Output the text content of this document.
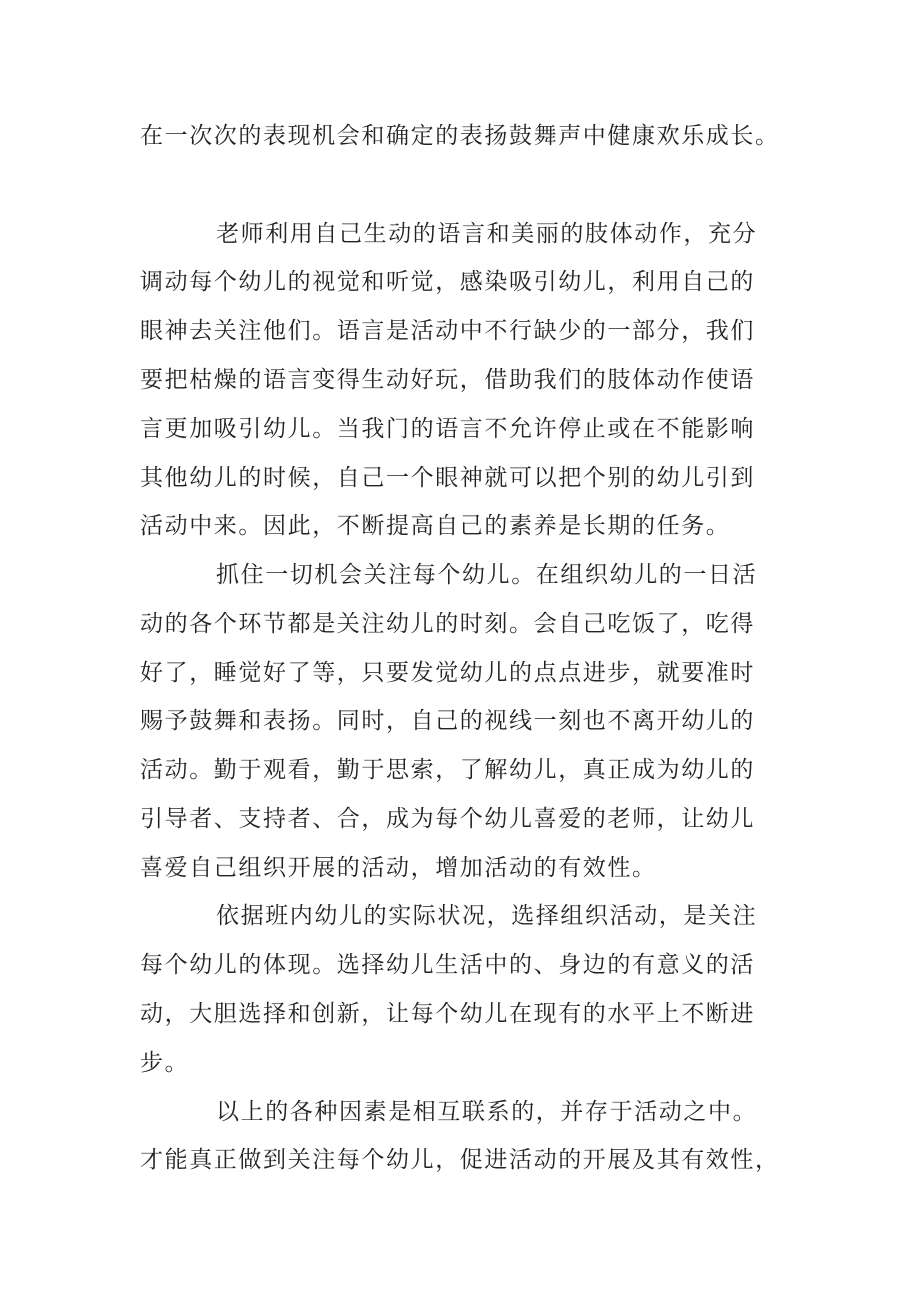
在一次次的表现机会和确定的表扬鼓舞声中健康欢乐成长。
老师利用自己生动的语言和美丽的肢体动作，充分
调动每个幼儿的视觉和听觉，感染吸引幼儿，利用自己的
眼神去关注他们。语言是活动中不行缺少的一部分，我们
要把枯燥的语言变得生动好玩，借助我们的肢体动作使语
言更加吸引幼儿。当我门的语言不允许停止或在不能影响
其他幼儿的时候，自己一个眼神就可以把个别的幼儿引到
活动中来。因此，不断提高自己的素养是长期的任务。
抓住一切机会关注每个幼儿。在组织幼儿的一日活
动的各个环节都是关注幼儿的时刻。会自己吃饭了，吃得
好了，睡觉好了等，只要发觉幼儿的点点进步，就要准时
赐予鼓舞和表扬。同时，自己的视线一刻也不离开幼儿的
活动。勤于观看，勤于思索，了解幼儿，真正成为幼儿的
引导者、支持者、合，成为每个幼儿喜爱的老师，让幼儿
喜爱自己组织开展的活动，增加活动的有效性。
依据班内幼儿的实际状况，选择组织活动，是关注
每个幼儿的体现。选择幼儿生活中的、身边的有意义的活
动，大胆选择和创新，让每个幼儿在现有的水平上不断进
步。
以上的各种因素是相互联系的，并存于活动之中。
才能真正做到关注每个幼儿，促进活动的开展及其有效性，
